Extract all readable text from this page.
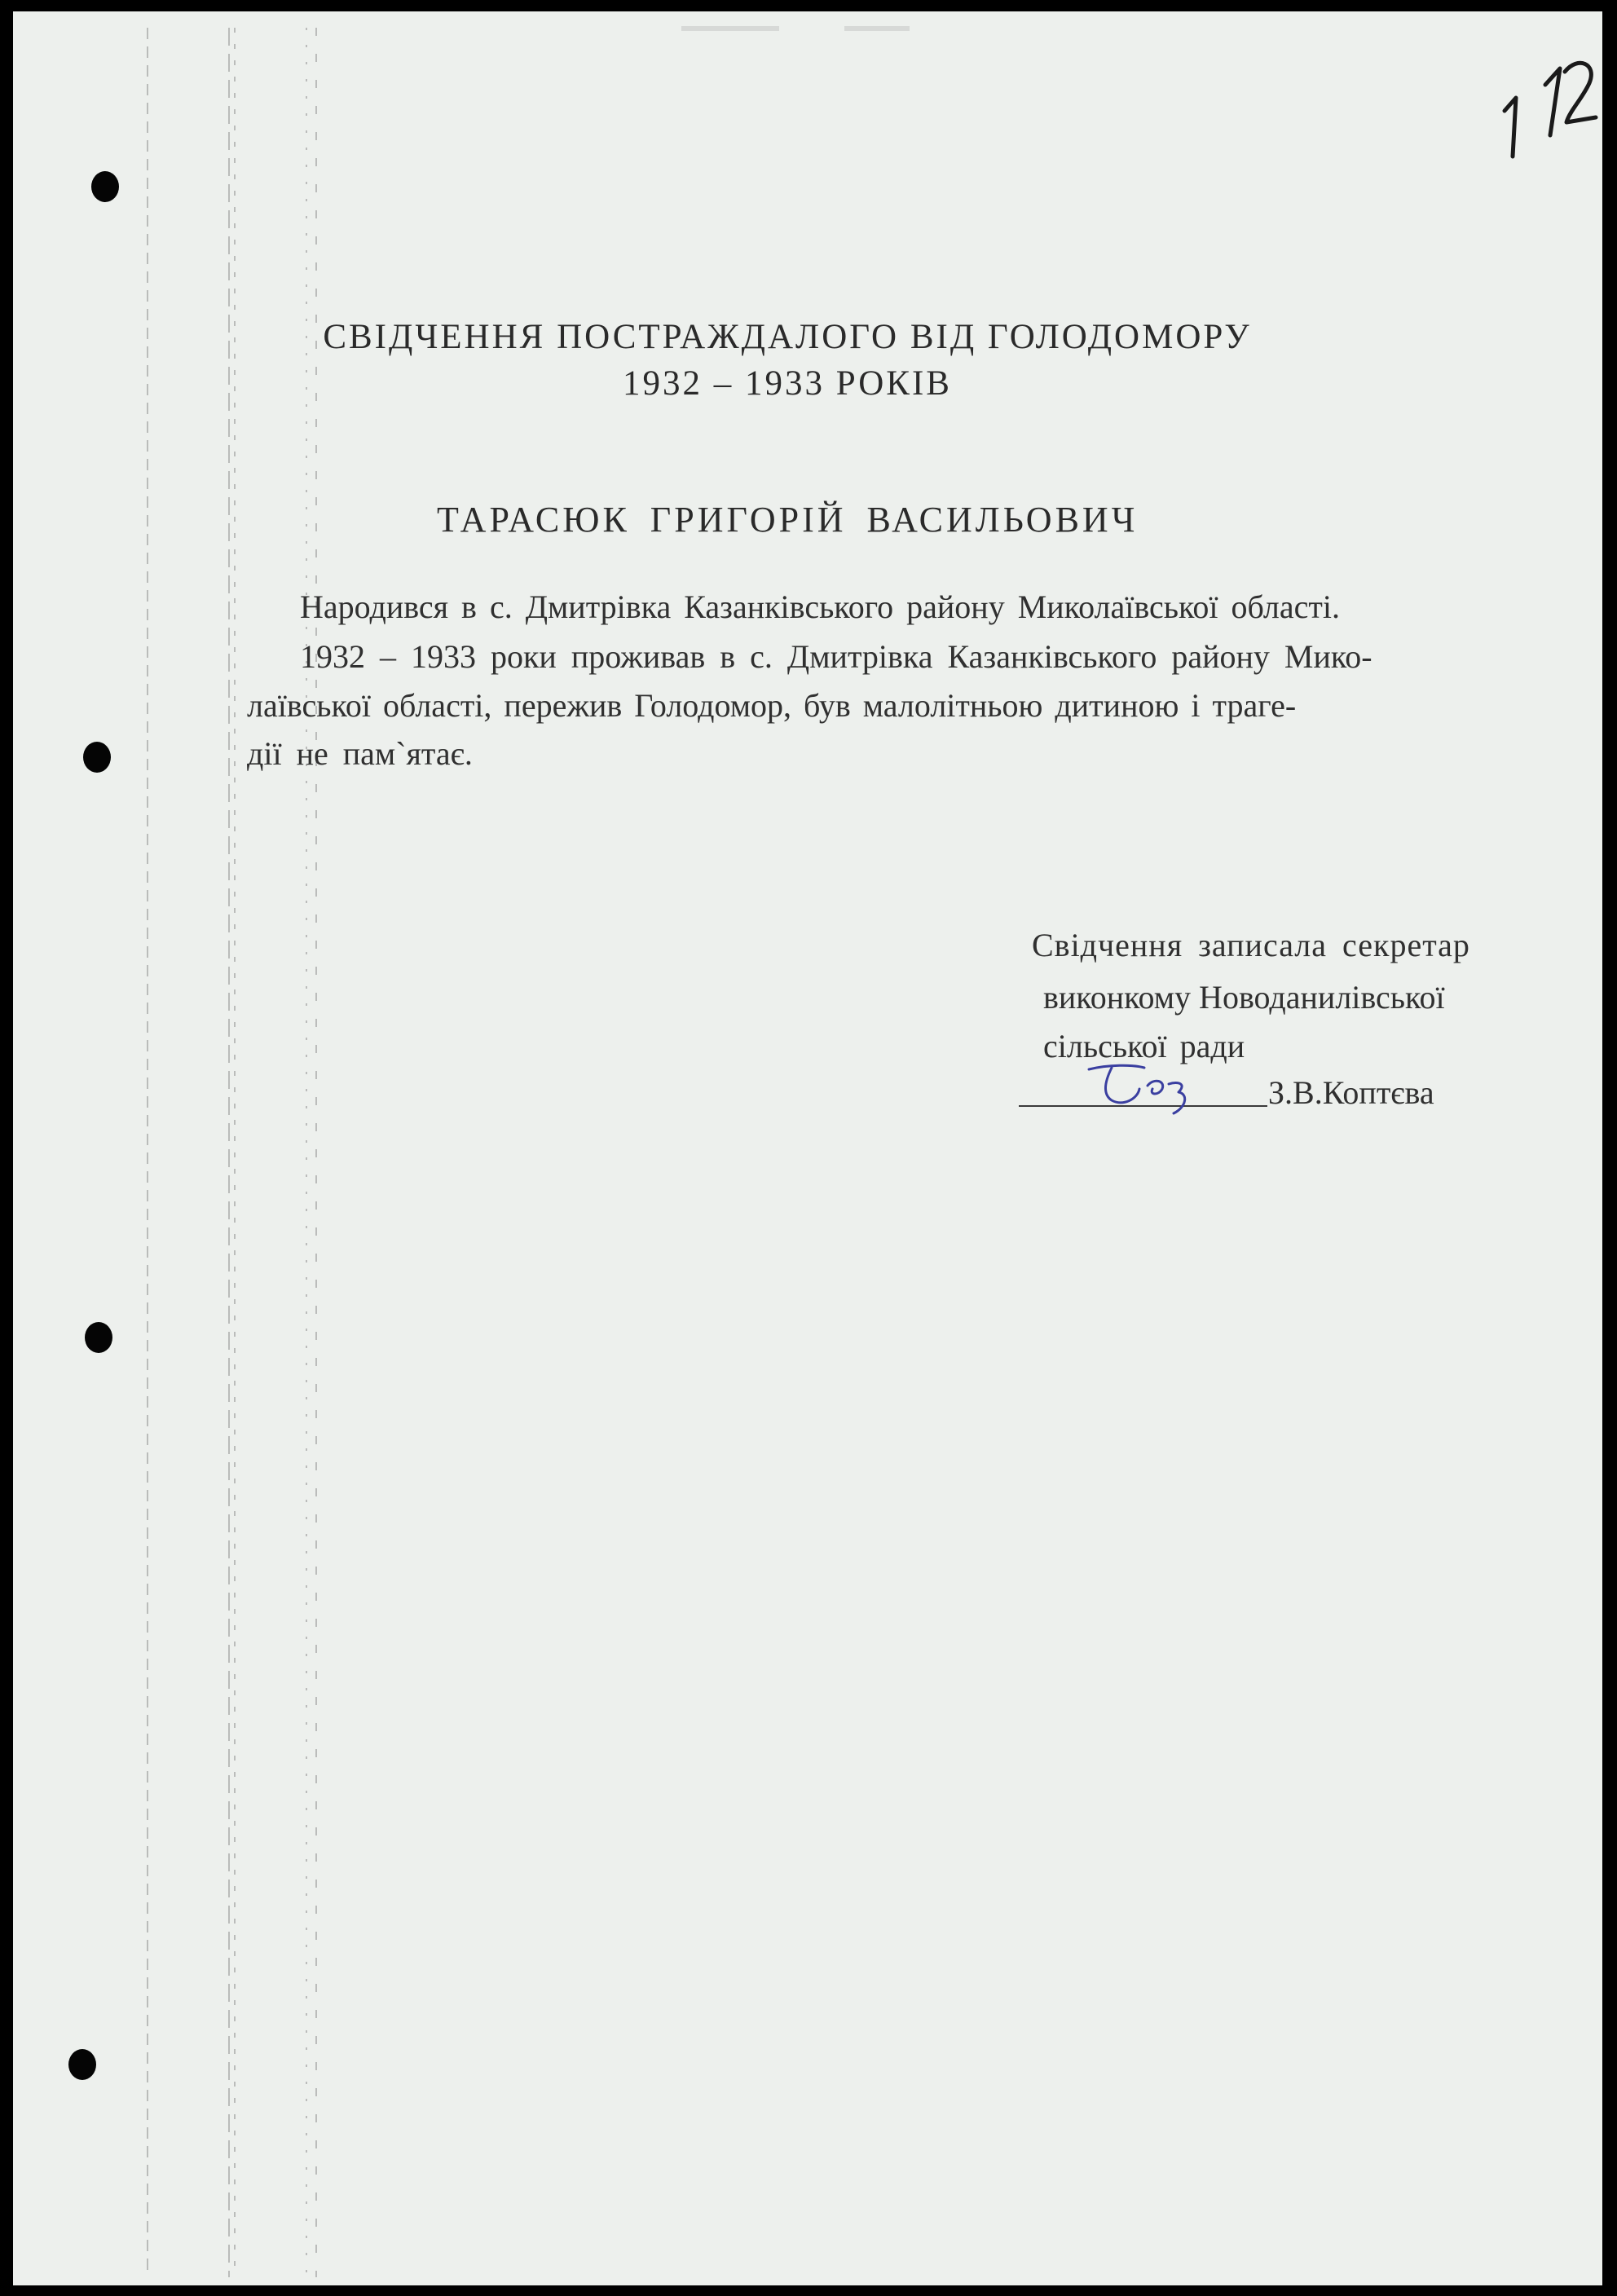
СВІДЧЕННЯ ПОСТРАЖДАЛОГО ВІД ГОЛОДОМОРУ
1932 – 1933 РОКІВ
ТАРАСЮК ГРИГОРІЙ ВАСИЛЬОВИЧ
Народився в с. Дмитрівка Казанківського району Миколаївської області.
1932 – 1933 роки проживав в с. Дмитрівка Казанківського району Мико-
лаївської області, пережив Голодомор, був малолітньою дитиною і траге-
дії не пам`ятає.
Свідчення записала секретар
виконкому Новоданилівської
сільської ради
З.В.Коптєва
